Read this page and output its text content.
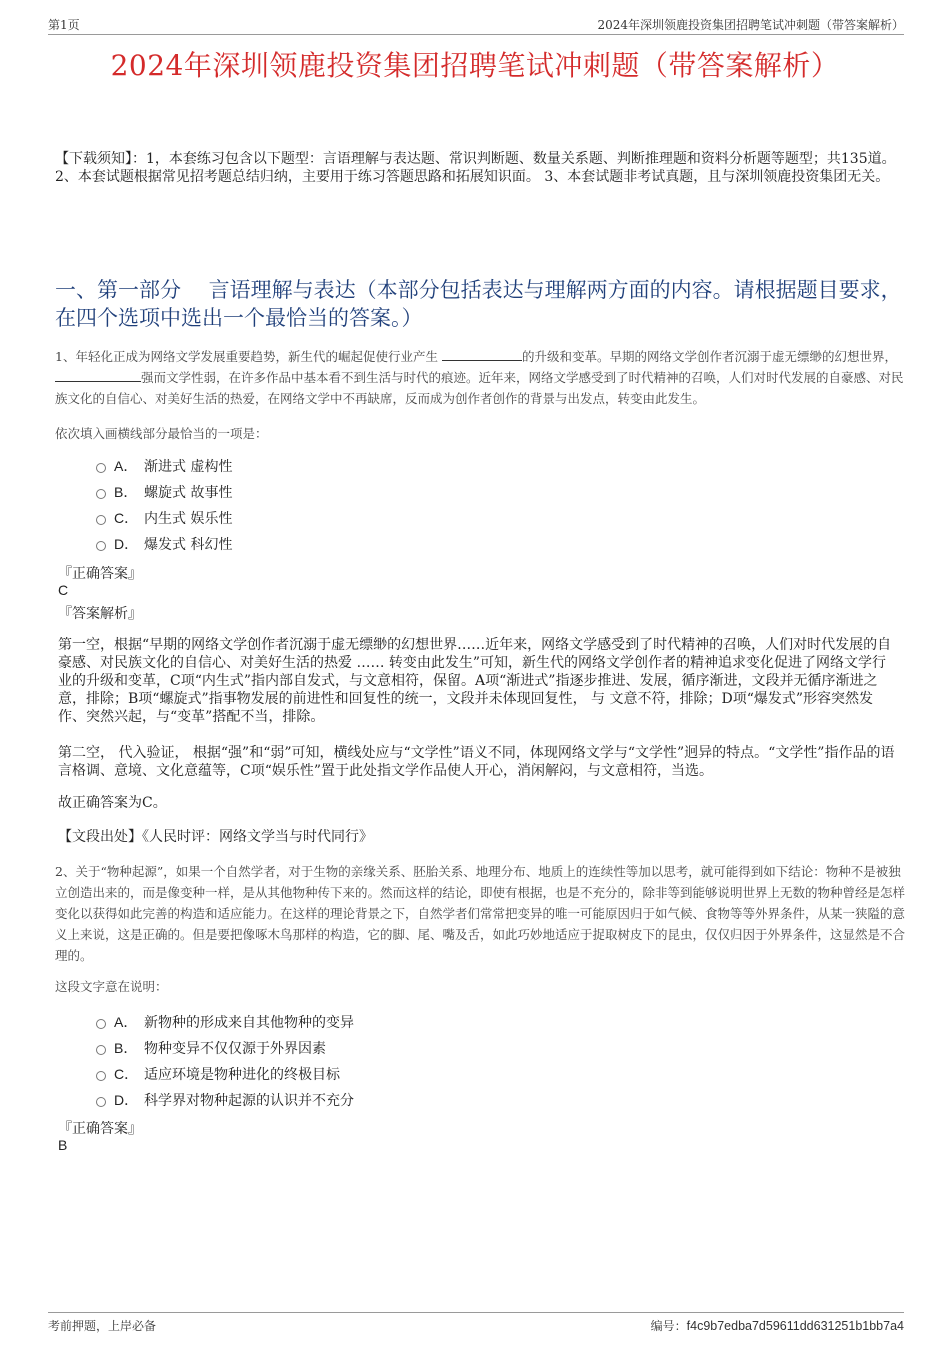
第1页	2024年深圳领鹿投资集团招聘笔试冲刺题（带答案解析）
2024年深圳领鹿投资集团招聘笔试冲刺题（带答案解析）
【下载须知】：1，本套练习包含以下题型：言语理解与表达题、常识判断题、数量关系题、判断推理题和资料分析题等题型；共135道。 2、本套试题根据常见招考题总结归纳，主要用于练习答题思路和拓展知识面。 3、本套试题非考试真题，且与深圳领鹿投资集团无关。
一、第一部分　 言语理解与表达（本部分包括表达与理解两方面的内容。请根据题目要求，在四个选项中选出一个最恰当的答案。）
1、年轻化正成为网络文学发展重要趋势，新生代的崛起促使行业产生	的升级和变革。早期的网络文学创作者沉溺于虚无缥缈的幻想世界， 强而文学性弱，在许多作品中基本看不到生活与时代的痕迹。近年来，网络文学感受到了时代精神的召唤，人们对时代发展的自豪感、对民族文化的自信心、对美好生活的热爱，在网络文学中不再缺席，反而成为创作者创作的背景与出发点，转变由此发生。
依次填入画横线部分最恰当的一项是：
A． 渐进式 虚构性
B． 螺旋式 故事性
C． 内生式 娱乐性
D． 爆发式 科幻性
『正确答案』
C
『答案解析』
第一空，根据“早期的网络文学创作者沉溺于虚无缥缈的幻想世界……近年来，网络文学感受到了时代精神的召唤，人们对时代发展的自豪感、对民族文化的自信心、对美好生活的热爱 …… 转变由此发生”可知，新生代的网络文学创作者的精神追求变化促进了网络文学行业的升级和变革，C项“内生式”指内部自发式，与文意相符，保留。A项“渐进式”指逐步推进、发展，循序渐进，文段并无循序渐进之意，排除；B项“螺旋式”指事物发展的前进性和回复性的统一，文段并未体现回复性， 与 文意不符，排除；D项“爆发式”形容突然发作、突然兴起，与“变革”搭配不当，排除。
第二空， 代入验证， 根据“强”和“弱”可知，横线处应与“文学性”语义不同，体现网络文学与“文学性”迥异的特点。“文学性”指作品的语言格调、意境、文化意蕴等，C项“娱乐性”置于此处指文学作品使人开心，消闲解闷，与文意相符，当选。
故正确答案为C。
【文段出处】《人民时评：网络文学当与时代同行》
2、关于“物种起源”，如果一个自然学者，对于生物的亲缘关系、胚胎关系、地理分布、地质上的连续性等加以思考，就可能得到如下结论：物种不是被独立创造出来的，而是像变种一样，是从其他物种传下来的。然而这样的结论，即使有根据，也是不充分的，除非等到能够说明世界上无数的物种曾经是怎样变化以获得如此完善的构造和适应能力。在这样的理论背景之下，自然学者们常常把变异的唯一可能原因归于如气候、食物等等外界条件，从某一狭隘的意义上来说，这是正确的。但是要把像啄木鸟那样的构造，它的脚、尾、嘴及舌，如此巧妙地适应于捉取树皮下的昆虫，仅仅归因于外界条件，这显然是不合理的。
这段文字意在说明：
A． 新物种的形成来自其他物种的变异
B． 物种变异不仅仅源于外界因素
C． 适应环境是物种进化的终极目标
D． 科学界对物种起源的认识并不充分
『正确答案』
B
考前押题，上岸必备	编号：f4c9b7edba7d59611dd631251b1bb7a4
